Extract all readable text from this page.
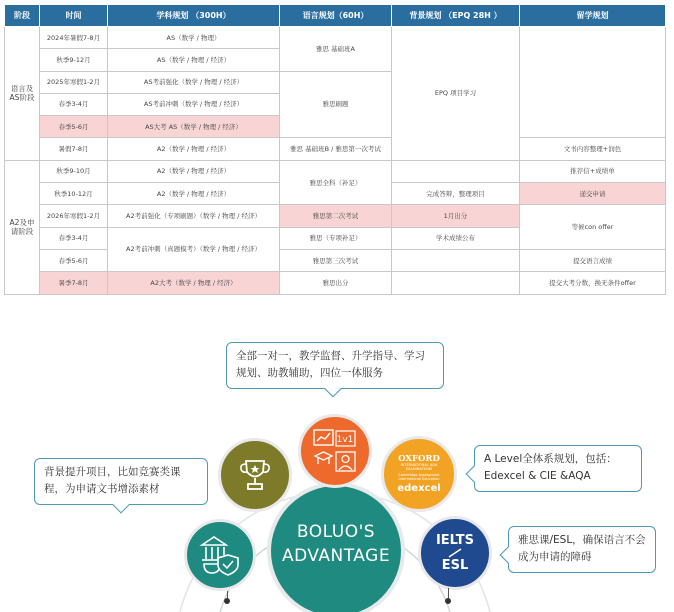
阶段	时间	学科规划 （300H）	语言规划（60H）	背景规划 （EPQ 28H ）	留学规划
语言及AS阶段	2024年暑假7-8月	AS（数学 / 物理）	雅思 基础班A	EPQ 项目学习	
	秋季9-12月	AS（数学 / 物理 / 经济）			
	2025年寒假1-2月	AS考前强化（数学 / 物理 / 经济）	雅思刷题		
	春季3-4月	AS考前冲刺（数学 / 物理 / 经济）			
	春季5-6月	AS大考 AS（数学 / 物理 / 经济）			
	暑假7-8月	A2（数学 / 物理 / 经济）	雅思 基础班B / 雅思第一次考试		文书内容整理+润色
A2及申请阶段	秋季9-10月	A2（数学 / 物理 / 经济）	雅思全科（补足）		推荐信+成绩单
	秋季10-12月	A2（数学 / 物理 / 经济）		完成答辩，整理项目	递交申请
	2026年寒假1-2月	A2考前强化（专项刷题）（数学 / 物理 / 经济）	雅思第二次考试	1月出分	等候con offer
	春季3-4月	A2考前冲刺（真题模考）（数学 / 物理 / 经济）	雅思（专项补足）	学术成绩公布	
	春季5-6月		雅思第三次考试		提交语言成绩
	暑季7-8月	A2大考（数学 / 物理 / 经济）	雅思出分		提交大考分数，换无条件offer
全部一对一，教学监督、升学指导、学习规划、助教辅助，四位一体服务
背景提升项目，比如竞赛类课程，为申请文书增添素材
A Level全体系规划，包括：Edexcel & CIE &AQA
雅思课/ESL，确保语言不会成为申请的障碍
BOLUO'S
ADVANTAGE
1v1
OXFORD
INTERNATIONAL AQA EXAMINATIONS
Cambridge Assessment International Education
edexcel
IELTS
ESL
